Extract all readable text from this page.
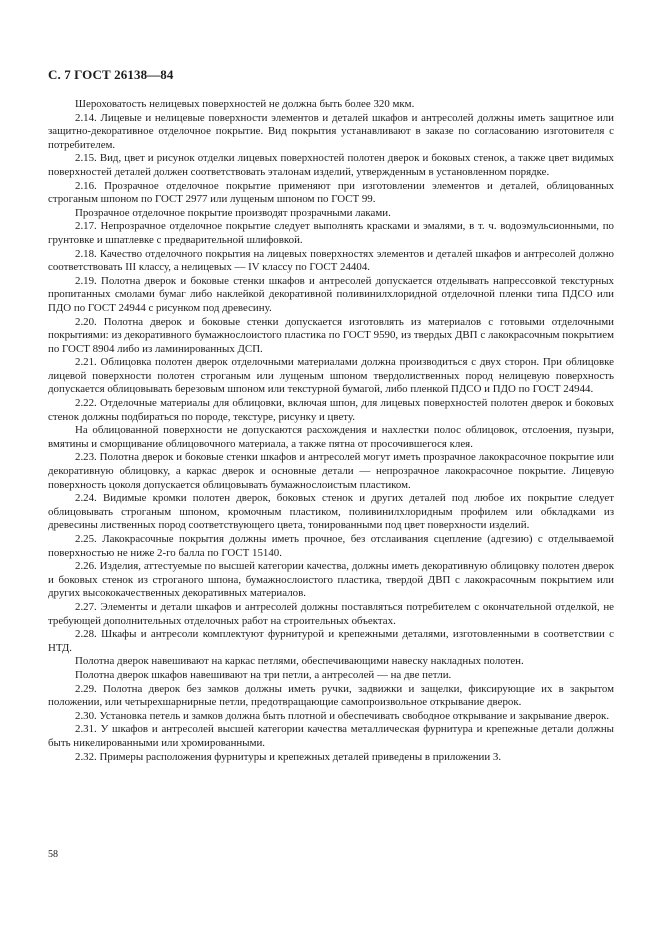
С. 7 ГОСТ 26138—84

Шероховатость нелицевых поверхностей не должна быть более 320 мкм.

2.14. Лицевые и нелицевые поверхности элементов и деталей шкафов и антресолей должны иметь защитное или защитно-декоративное отделочное покрытие. Вид покрытия устанавливают в заказе по согласованию изготовителя с потребителем.

2.15. Вид, цвет и рисунок отделки лицевых поверхностей полотен дверок и боковых стенок, а также цвет видимых поверхностей деталей должен соответствовать эталонам изделий, утвержденным в установленном порядке.

2.16. Прозрачное отделочное покрытие применяют при изготовлении элементов и деталей, облицованных строганым шпоном по ГОСТ 2977 или лущеным шпоном по ГОСТ 99.

Прозрачное отделочное покрытие производят прозрачными лаками.

2.17. Непрозрачное отделочное покрытие следует выполнять красками и эмалями, в т. ч. водоэмульсионными, по грунтовке и шпатлевке с предварительной шлифовкой.

2.18. Качество отделочного покрытия на лицевых поверхностях элементов и деталей шкафов и антресолей должно соответствовать III классу, а нелицевых — IV классу по ГОСТ 24404.

2.19. Полотна дверок и боковые стенки шкафов и антресолей допускается отделывать напрессовкой текстурных пропитанных смолами бумаг либо наклейкой декоративной поливинилхлоридной отделочной пленки типа ПДСО или ПДО по ГОСТ 24944 с рисунком под древесину.

2.20. Полотна дверок и боковые стенки допускается изготовлять из материалов с готовыми отделочными покрытиями: из декоративного бумажнослоистого пластика по ГОСТ 9590, из твердых ДВП с лакокрасочным покрытием по ГОСТ 8904 либо из ламинированных ДСП.

2.21. Облицовка полотен дверок отделочными материалами должна производиться с двух сторон. При облицовке лицевой поверхности полотен строганым или лущеным шпоном твердолиственных пород нелицевую поверхность допускается облицовывать березовым шпоном или текстурной бумагой, либо пленкой ПДСО и ПДО по ГОСТ 24944.

2.22. Отделочные материалы для облицовки, включая шпон, для лицевых поверхностей полотен дверок и боковых стенок должны подбираться по породе, текстуре, рисунку и цвету.

На облицованной поверхности не допускаются расхождения и нахлестки полос облицовок, отслоения, пузыри, вмятины и сморщивание облицовочного материала, а также пятна от просочившегося клея.

2.23. Полотна дверок и боковые стенки шкафов и антресолей могут иметь прозрачное лакокрасочное покрытие или декоративную облицовку, а каркас дверок и основные детали — непрозрачное лакокрасочное покрытие. Лицевую поверхность цоколя допускается облицовывать бумажнослоистым пластиком.

2.24. Видимые кромки полотен дверок, боковых стенок и других деталей под любое их покрытие следует облицовывать строганым шпоном, кромочным пластиком, поливинилхлоридным профилем или обкладками из древесины лиственных пород соответствующего цвета, тонированными под цвет поверхности изделий.

2.25. Лакокрасочные покрытия должны иметь прочное, без отслаивания сцепление (адгезию) с отделываемой поверхностью не ниже 2-го балла по ГОСТ 15140.

2.26. Изделия, аттестуемые по высшей категории качества, должны иметь декоративную облицовку полотен дверок и боковых стенок из строганого шпона, бумажнослоистого пластика, твердой ДВП с лакокрасочным покрытием или других высококачественных декоративных материалов.

2.27. Элементы и детали шкафов и антресолей должны поставляться потребителем с окончательной отделкой, не требующей дополнительных отделочных работ на строительных объектах.

2.28. Шкафы и антресоли комплектуют фурнитурой и крепежными деталями, изготовленными в соответствии с НТД.

Полотна дверок навешивают на каркас петлями, обеспечивающими навеску накладных полотен.

Полотна дверок шкафов навешивают на три петли, а антресолей — на две петли.

2.29. Полотна дверок без замков должны иметь ручки, задвижки и защелки, фиксирующие их в закрытом положении, или четырехшарнирные петли, предотвращающие самопроизвольное открывание дверок.

2.30. Установка петель и замков должна быть плотной и обеспечивать свободное открывание и закрывание дверок.

2.31. У шкафов и антресолей высшей категории качества металлическая фурнитура и крепежные детали должны быть никелированными или хромированными.

2.32. Примеры расположения фурнитуры и крепежных деталей приведены в приложении 3.

58
